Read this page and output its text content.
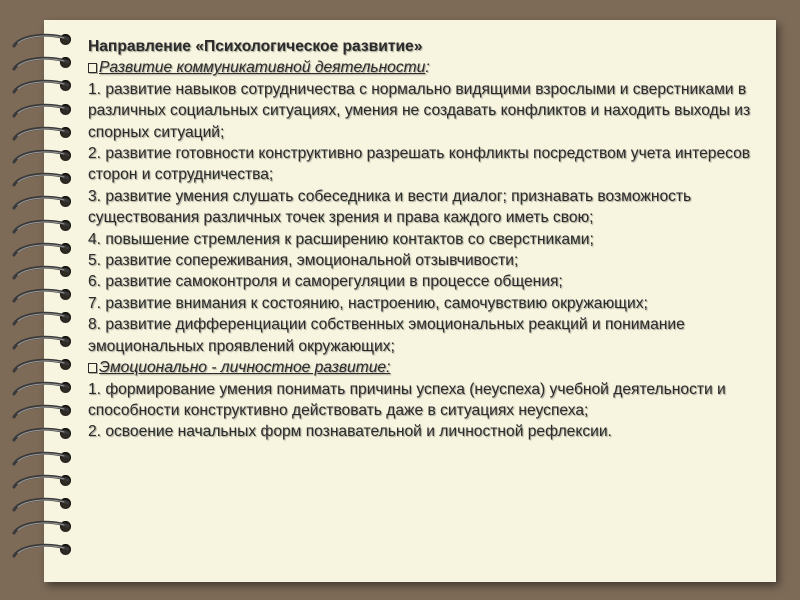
Направление «Психологическое развитие»

Развитие коммуникативной деятельности:

1. развитие навыков сотрудничества с нормально видящими взрослыми и сверстниками в различных социальных ситуациях, умения не создавать конфликтов и находить выходы из спорных ситуаций;

2. развитие готовности конструктивно разрешать конфликты посредством учета интересов сторон и сотрудничества;

3. развитие умения слушать собеседника и вести диалог; признавать возможность существования различных точек зрения и права каждого иметь свою;

4. повышение стремления к расширению контактов со сверстниками;

5. развитие сопереживания, эмоциональной отзывчивости;

6. развитие самоконтроля и саморегуляции в процессе общения;

7. развитие внимания к состоянию, настроению, самочувствию окружающих;

8. развитие дифференциации собственных эмоциональных реакций и понимание эмоциональных проявлений окружающих;

Эмоционально - личностное развитие:

1. формирование умения понимать причины успеха (неуспеха) учебной деятельности и способности конструктивно действовать даже в ситуациях неуспеха;

2. освоение начальных форм познавательной и личностной рефлексии.
